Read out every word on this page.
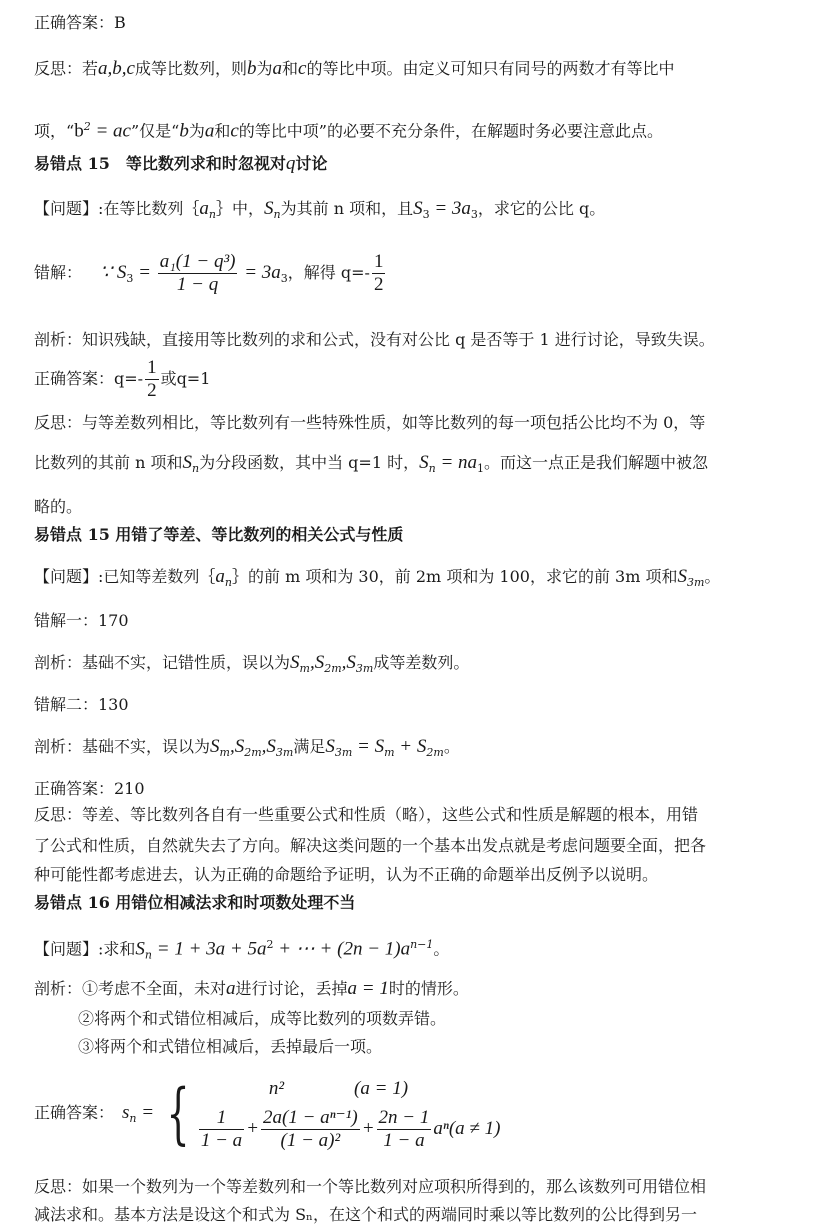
正确答案：B
反思：若a,b,c成等比数列，则b为a和c的等比中项。由定义可知只有同号的两数才有等比中
项，“$b^2$ = ac”仅是“b为a和c的等比中项”的必要不充分条件，在解题时务必要注意此点。
易错点 15　等比数列求和时忽视对q讨论
【问题】:在等比数列$\{a_n\}$中，$S_n$为其前 n 项和，且$S_3 = 3a_3$，求它的公比 q。
错解： ∵ $S_3 = \frac{\text{a₁(1 − q³)}}{1 - q} = 3a_3$，解得 $q=- \frac{1}{2}$
剖析：知识残缺，直接用等比数列的求和公式，没有对公比 q 是否等于 1 进行讨论，导致失误。
正确答案：$q=- \frac{1}{2}$ 或q=1
反思：与等差数列相比，等比数列有一些特殊性质，如等比数列的每一项包括公比均不为 0，等
比数列的其前 n 项和$S_n$为分段函数，其中当 q=1 时，$S_n = na_1$。而这一点正是我们解题中被忽
略的。
易错点 15 用错了等差、等比数列的相关公式与性质
【问题】:已知等差数列$\{a_n\}$的前 m 项和为 30，前 2m 项和为 100，求它的前 3m 项和$S_{3m}$。
错解一：170
剖析：基础不实，记错性质，误以为$S_m,S_{2m},S_{3m}$成等差数列。
错解二：130
剖析：基础不实，误以为$S_m,S_{2m},S_{3m}$满足$S_{3m} = S_m + S_{2m}$。
正确答案：210
反思：等差、等比数列各自有一些重要公式和性质（略），这些公式和性质是解题的根本，用错
了公式和性质，自然就失去了方向。解决这类问题的一个基本出发点就是考虑问题要全面，把各
种可能性都考虑进去，认为正确的命题给予证明，认为不正确的命题举出反例予以说明。
易错点 16 用错位相减法求和时项数处理不当
【问题】:求和$S_n = 1 + 3a + 5a^2$ + ⋯ + $(2n - 1)a^{n-1}$。
剖析：①考虑不全面，未对a进行讨论，丢掉a = 1时的情形。
②将两个和式错位相减后，成等比数列的项数弄错。
③将两个和式错位相减后，丢掉最后一项。
正确答案： $s_n$ = {	n²	(a = 1)
$\frac{1}{1 - a} + \frac{\text{2a(1 − aⁿ⁻¹)}}{\text{(1 − a)²}} + \frac{2n - 1}{1 - a} a^n(a \ne 1)$
反思：如果一个数列为一个等差数列和一个等比数列对应项积所得到的，那么该数列可用错位相
减法求和。基本方法是设这个和式为 Sₙ，在这个和式的两端同时乘以等比数列的公比得到另一
